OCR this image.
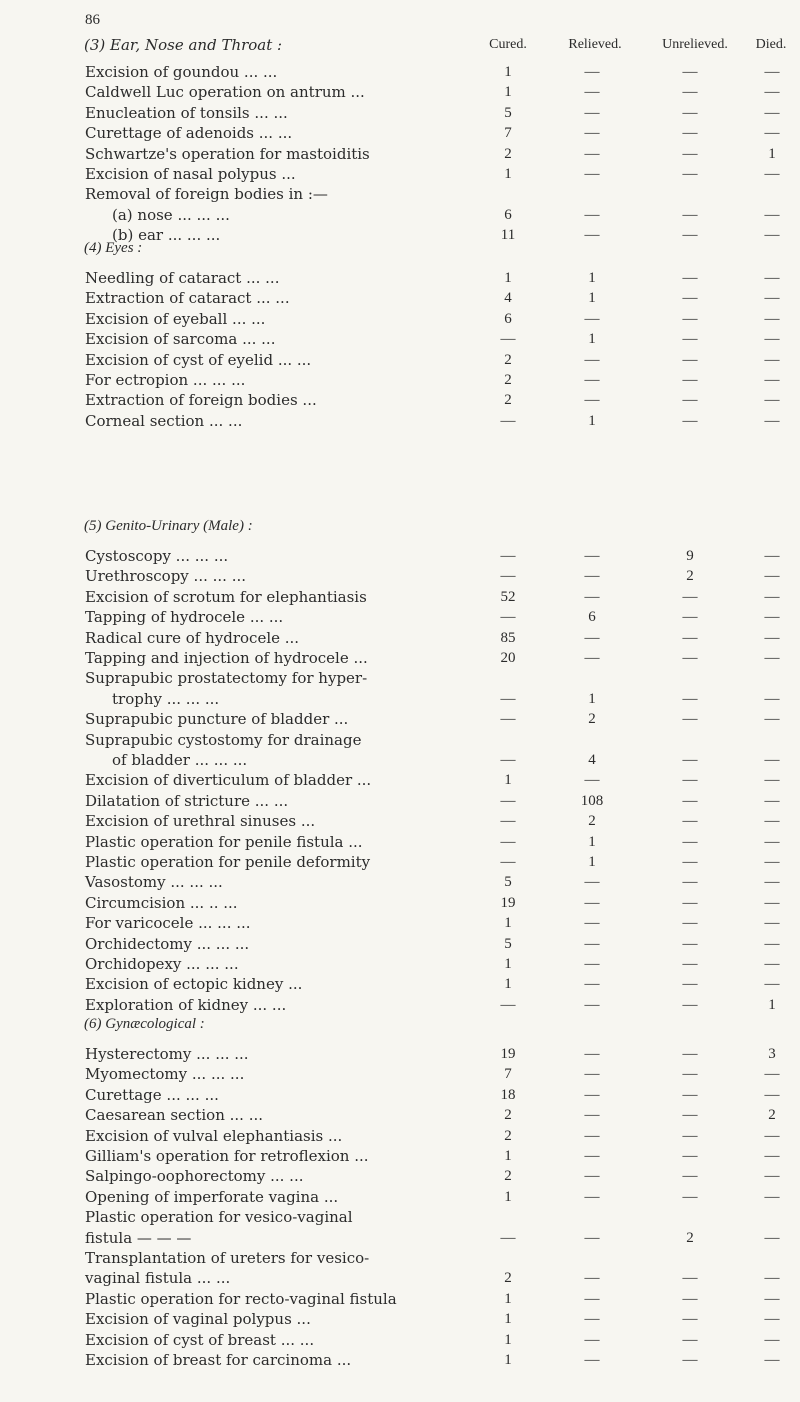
86
(3) Ear, Nose and Throat :	Cured.	Relieved.	Unrelieved.	Died.
Excision of goundou ... ...	1	—	—	—
Caldwell Luc operation on antrum ...	1	—	—	—
Enucleation of tonsils ... ...	5	—	—	—
Curettage of adenoids ... ...	7	—	—	—
Schwartze's operation for mastoiditis	2	—	—	1
Excision of nasal polypus ...	1	—	—	—
Removal of foreign bodies in :—
(a) nose ... ... ...	6	—	—	—
(b) ear ... ... ...	11	—	—	—
(4) Eyes :
Needling of cataract ... ...	1	1	—	—
Extraction of cataract ... ...	4	1	—	—
Excision of eyeball ... ...	6	—	—	—
Excision of sarcoma ... ...	—	1	—	—
Excision of cyst of eyelid ... ...	2	—	—	—
For ectropion ... ... ...	2	—	—	—
Extraction of foreign bodies ...	2	—	—	—
Corneal section ... ...	—	1	—	—
(5) Genito-Urinary (Male) :
Cystoscopy ... ... ...	—	—	9	—
Urethroscopy ... ... ...	—	—	2	—
Excision of scrotum for elephantiasis	52	—	—	—
Tapping of hydrocele ... ...	—	6	—	—
Radical cure of hydrocele ...	85	—	—	—
Tapping and injection of hydrocele ...	20	—	—	—
Suprapubic prostatectomy for hyper-
trophy ... ... ...	—	1	—	—
Suprapubic puncture of bladder ...	—	2	—	—
Suprapubic cystostomy for drainage
of bladder ... ... ...	—	4	—	—
Excision of diverticulum of bladder ...	1	—	—	—
Dilatation of stricture ... ...	—	108	—	—
Excision of urethral sinuses ...	—	2	—	—
Plastic operation for penile fistula ...	—	1	—	—
Plastic operation for penile deformity	—	1	—	—
Vasostomy ... ... ...	5	—	—	—
Circumcision ... .. ...	19	—	—	—
For varicocele ... ... ...	1	—	—	—
Orchidectomy ... ... ...	5	—	—	—
Orchidopexy ... ... ...	1	—	—	—
Excision of ectopic kidney ...	1	—	—	—
Exploration of kidney ... ...	—	—	—	1
(6) Gynæcological :
Hysterectomy ... ... ...	19	—	—	3
Myomectomy ... ... ...	7	—	—	—
Curettage ... ... ...	18	—	—	—
Caesarean section ... ...	2	—	—	2
Excision of vulval elephantiasis ...	2	—	—	—
Gilliam's operation for retroflexion ...	1	—	—	—
Salpingo-oophorectomy ... ...	2	—	—	—
Opening of imperforate vagina ...	1	—	—	—
Plastic operation for vesico-vaginal
fistula — — —	—	—	2	—
Transplantation of ureters for vesico-
vaginal fistula ... ...	2	—	—	—
Plastic operation for recto-vaginal fistula	1	—	—	—
Excision of vaginal polypus ...	1	—	—	—
Excision of cyst of breast ... ...	1	—	—	—
Excision of breast for carcinoma ...	1	—	—	—
